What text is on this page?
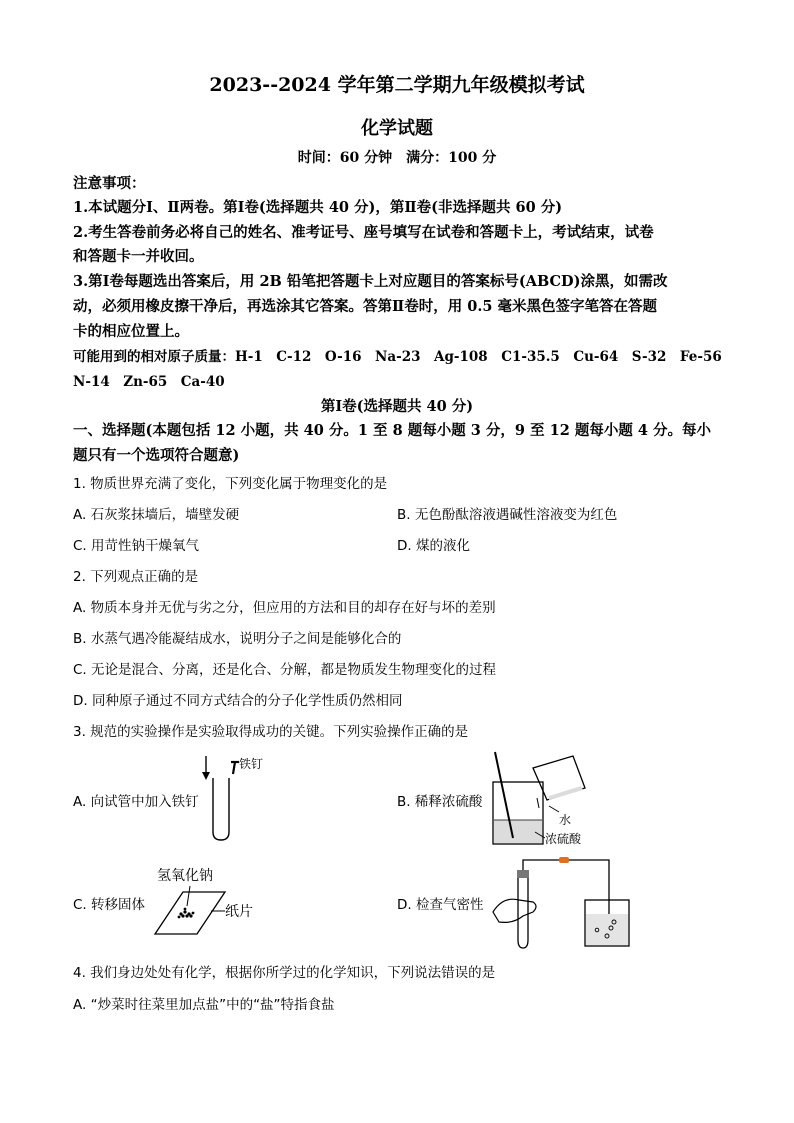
2023--2024 学年第二学期九年级模拟考试
化学试题
时间：60 分钟　满分：100 分
注意事项：
1.本试题分Ⅰ、Ⅱ两卷。第Ⅰ卷(选择题共 40 分)，第Ⅱ卷(非选择题共 60 分)
2.考生答卷前务必将自己的姓名、准考证号、座号填写在试卷和答题卡上，考试结束，试卷
和答题卡一并收回。
3.第Ⅰ卷每题选出答案后，用 2B 铅笔把答题卡上对应题目的答案标号(ABCD)涂黑，如需改
动，必须用橡皮擦干净后，再选涂其它答案。答第Ⅱ卷时，用 0.5 毫米黑色签字笔答在答题
卡的相应位置上。
可能用到的相对原子质量：H-1　C-12　O-16　Na-23　Ag-108　C1-35.5　Cu-64　S-32　Fe-56
N-14　Zn-65　Ca-40
第Ⅰ卷(选择题共 40 分)
一、选择题(本题包括 12 小题，共 40 分。1 至 8 题每小题 3 分，9 至 12 题每小题 4 分。每小
题只有一个选项符合题意)
1. 物质世界充满了变化，下列变化属于物理变化的是
A. 石灰浆抹墙后，墙壁发硬	B. 无色酚酞溶液遇碱性溶液变为红色
C. 用苛性钠干燥氧气	D. 煤的液化
2. 下列观点正确的是
A. 物质本身并无优与劣之分，但应用的方法和目的却存在好与坏的差别
B. 水蒸气遇冷能凝结成水，说明分子之间是能够化合的
C. 无论是混合、分离，还是化合、分解，都是物质发生物理变化的过程
D. 同种原子通过不同方式结合的分子化学性质仍然相同
3. 规范的实验操作是实验取得成功的关键。下列实验操作正确的是
A. 向试管中加入铁钉	B. 稀释浓硫酸
C. 转移固体	D. 检查气密性
铁钉
水
浓硫酸
氢氧化钠
纸片
4. 我们身边处处有化学，根据你所学过的化学知识，下列说法错误的是
A. “炒菜时往菜里加点盐”中的“盐”特指食盐
